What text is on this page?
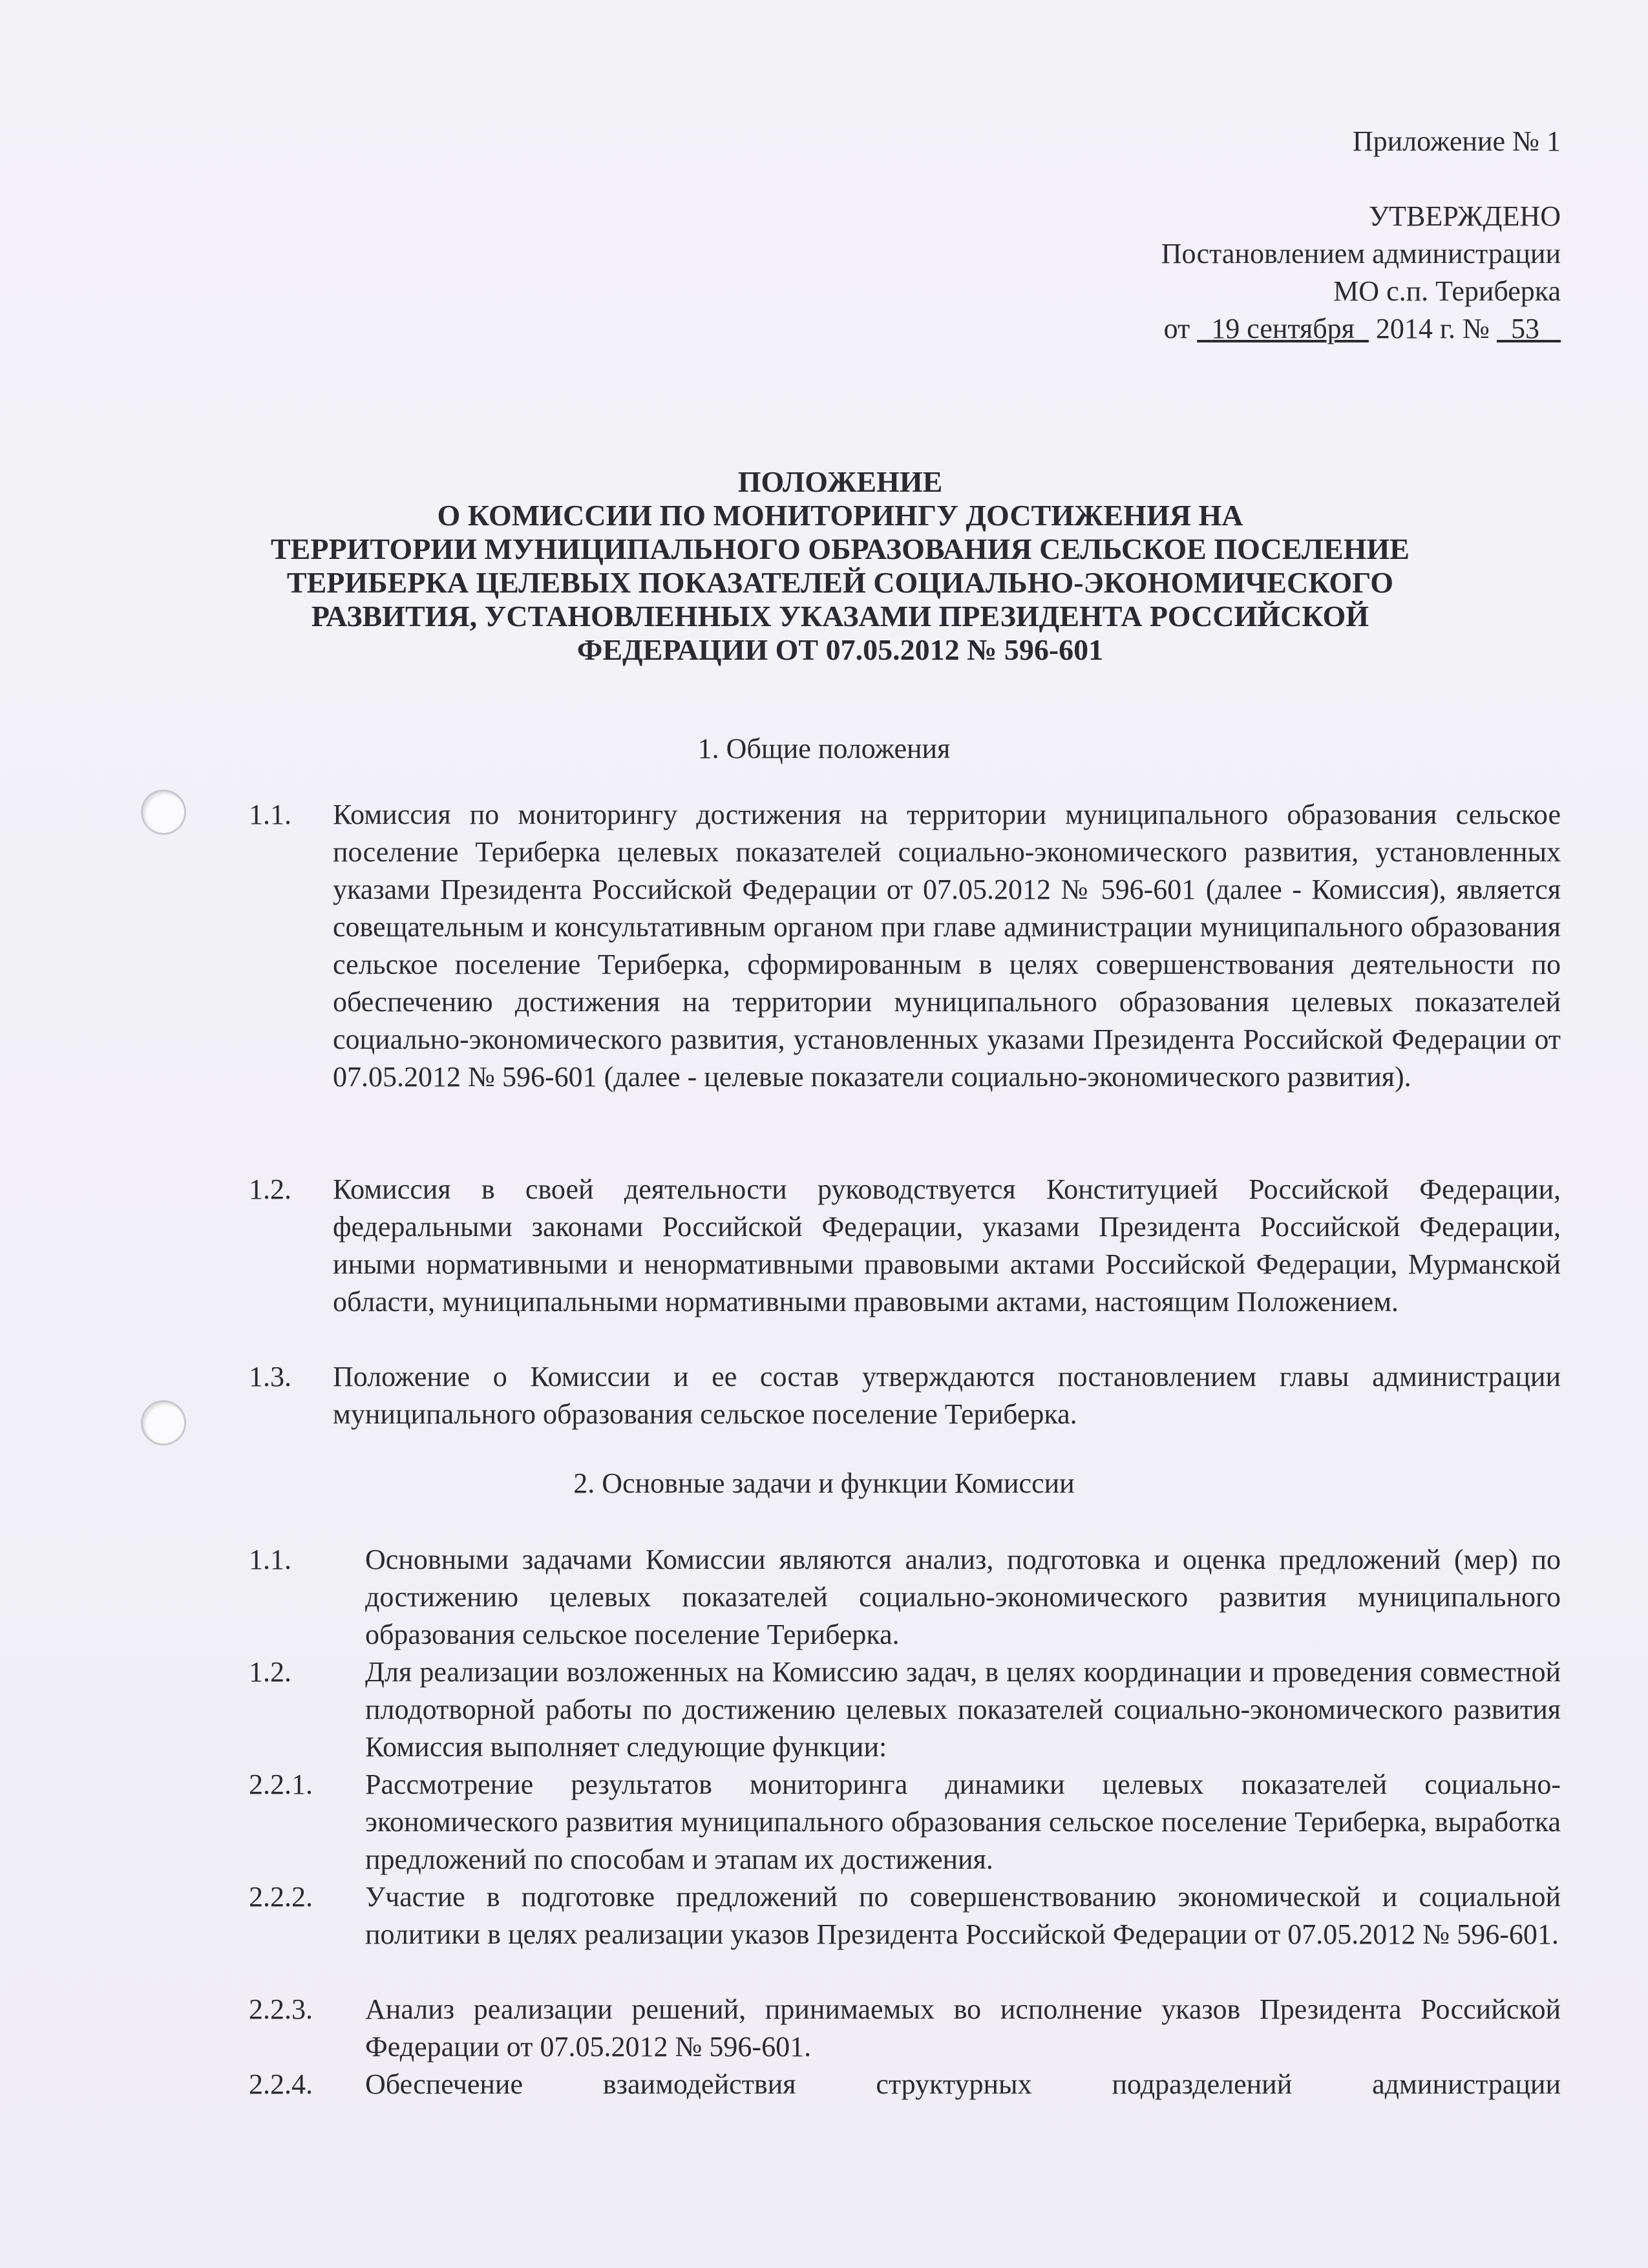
Приложение № 1
УТВЕРЖДЕНО
Постановлением администрации
МО с.п. Териберка
от 19 сентября 2014 г. № 53
ПОЛОЖЕНИЕ
О КОМИССИИ ПО МОНИТОРИНГУ ДОСТИЖЕНИЯ НА
ТЕРРИТОРИИ МУНИЦИПАЛЬНОГО ОБРАЗОВАНИЯ СЕЛЬСКОЕ ПОСЕЛЕНИЕ
ТЕРИБЕРКА ЦЕЛЕВЫХ ПОКАЗАТЕЛЕЙ СОЦИАЛЬНО-ЭКОНОМИЧЕСКОГО
РАЗВИТИЯ, УСТАНОВЛЕННЫХ УКАЗАМИ ПРЕЗИДЕНТА РОССИЙСКОЙ
ФЕДЕРАЦИИ ОТ 07.05.2012 № 596-601
1. Общие положения
1.1. Комиссия по мониторингу достижения на территории муниципального образования сельское поселение Териберка целевых показателей социально-экономического развития, установленных указами Президента Российской Федерации от 07.05.2012 № 596-601 (далее - Комиссия), является совещательным и консультативным органом при главе администрации муниципального образования сельское поселение Териберка, сформированным в целях совершенствования деятельности по обеспечению достижения на территории муниципального образования целевых показателей социально-экономического развития, установленных указами Президента Российской Федерации от 07.05.2012 № 596-601 (далее - целевые показатели социально-экономического развития).
1.2. Комиссия в своей деятельности руководствуется Конституцией Российской Федерации, федеральными законами Российской Федерации, указами Президента Российской Федерации, иными нормативными и ненормативными правовыми актами Российской Федерации, Мурманской области, муниципальными нормативными правовыми актами, настоящим Положением.
1.3. Положение о Комиссии и ее состав утверждаются постановлением главы администрации муниципального образования сельское поселение Териберка.
2. Основные задачи и функции Комиссии
1.1.	Основными задачами Комиссии являются анализ, подготовка и оценка предложений (мер) по достижению целевых показателей социально-экономического развития муниципального образования сельское поселение Териберка.
1.2.	Для реализации возложенных на Комиссию задач, в целях координации и проведения совместной плодотворной работы по достижению целевых показателей социально-экономического развития Комиссия выполняет следующие функции:
2.2.1. Рассмотрение результатов мониторинга динамики целевых показателей социально-экономического развития муниципального образования сельское поселение Териберка, выработка предложений по способам и этапам их достижения.
2.2.2. Участие в подготовке предложений по совершенствованию экономической и социальной политики в целях реализации указов Президента Российской Федерации от 07.05.2012 № 596-601.
2.2.3. Анализ реализации решений, принимаемых во исполнение указов Президента Российской Федерации от 07.05.2012 № 596-601.
2.2.4. Обеспечение взаимодействия структурных подразделений администрации
